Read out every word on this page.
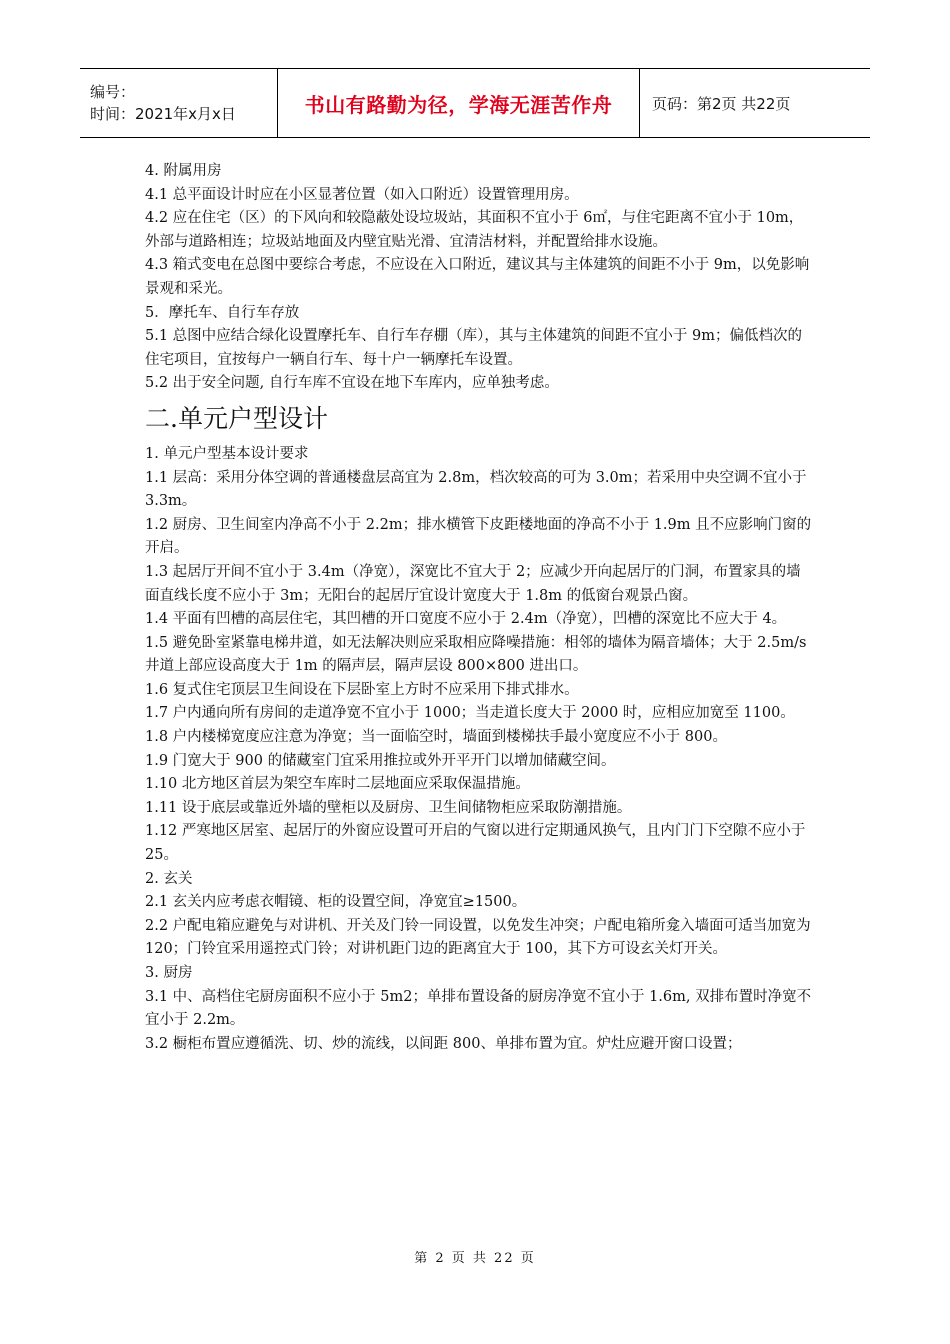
编号：
时间：2021年x月x日	书山有路勤为径，学海无涯苦作舟	页码：第2页 共22页

4. 附属用房

4.1 总平面设计时应在小区显著位置（如入口附近）设置管理用房。

4.2 应在住宅（区）的下风向和较隐蔽处设垃圾站，其面积不宜小于 6㎡，与住宅距离不宜小于 10m，外部与道路相连；垃圾站地面及内壁宜贴光滑、宜清洁材料，并配置给排水设施。

4.3 箱式变电在总图中要综合考虑，不应设在入口附近，建议其与主体建筑的间距不小于 9m，以免影响景观和采光。

5．摩托车、自行车存放

5.1 总图中应结合绿化设置摩托车、自行车存棚（库），其与主体建筑的间距不宜小于 9m；偏低档次的住宅项目，宜按每户一辆自行车、每十户一辆摩托车设置。

5.2 出于安全问题, 自行车库不宜设在地下车库内，应单独考虑。

二.单元户型设计

1. 单元户型基本设计要求

1.1 层高：采用分体空调的普通楼盘层高宜为 2.8m，档次较高的可为 3.0m；若采用中央空调不宜小于 3.3m。

1.2 厨房、卫生间室内净高不小于 2.2m；排水横管下皮距楼地面的净高不小于 1.9m 且不应影响门窗的开启。

1.3 起居厅开间不宜小于 3.4m（净宽），深宽比不宜大于 2；应减少开向起居厅的门洞，布置家具的墙面直线长度不应小于 3m；无阳台的起居厅宜设计宽度大于 1.8m 的低窗台观景凸窗。

1.4 平面有凹槽的高层住宅，其凹槽的开口宽度不应小于 2.4m（净宽），凹槽的深宽比不应大于 4。

1.5 避免卧室紧靠电梯井道，如无法解决则应采取相应降噪措施：相邻的墙体为隔音墙体；大于 2.5m/s 井道上部应设高度大于 1m 的隔声层，隔声层设 800×800 进出口。

1.6 复式住宅顶层卫生间设在下层卧室上方时不应采用下排式排水。

1.7 户内通向所有房间的走道净宽不宜小于 1000；当走道长度大于 2000 时，应相应加宽至 1100。

1.8 户内楼梯宽度应注意为净宽；当一面临空时，墙面到楼梯扶手最小宽度应不小于 800。

1.9 门宽大于 900 的储藏室门宜采用推拉或外开平开门以增加储藏空间。

1.10 北方地区首层为架空车库时二层地面应采取保温措施。

1.11 设于底层或靠近外墙的壁柜以及厨房、卫生间储物柜应采取防潮措施。

1.12 严寒地区居室、起居厅的外窗应设置可开启的气窗以进行定期通风换气，且内门门下空隙不应小于 25。

2. 玄关

2.1 玄关内应考虑衣帽镜、柜的设置空间，净宽宜≥1500。

2.2 户配电箱应避免与对讲机、开关及门铃一同设置，以免发生冲突；户配电箱所龛入墙面可适当加宽为 120；门铃宜采用遥控式门铃；对讲机距门边的距离宜大于 100，其下方可设玄关灯开关。

3. 厨房

3.1 中、高档住宅厨房面积不应小于 5m2；单排布置设备的厨房净宽不宜小于 1.6m, 双排布置时净宽不宜小于 2.2m。

3.2 橱柜布置应遵循洗、切、炒的流线，以间距 800、单排布置为宜。炉灶应避开窗口设置；

第 2 页 共 22 页
